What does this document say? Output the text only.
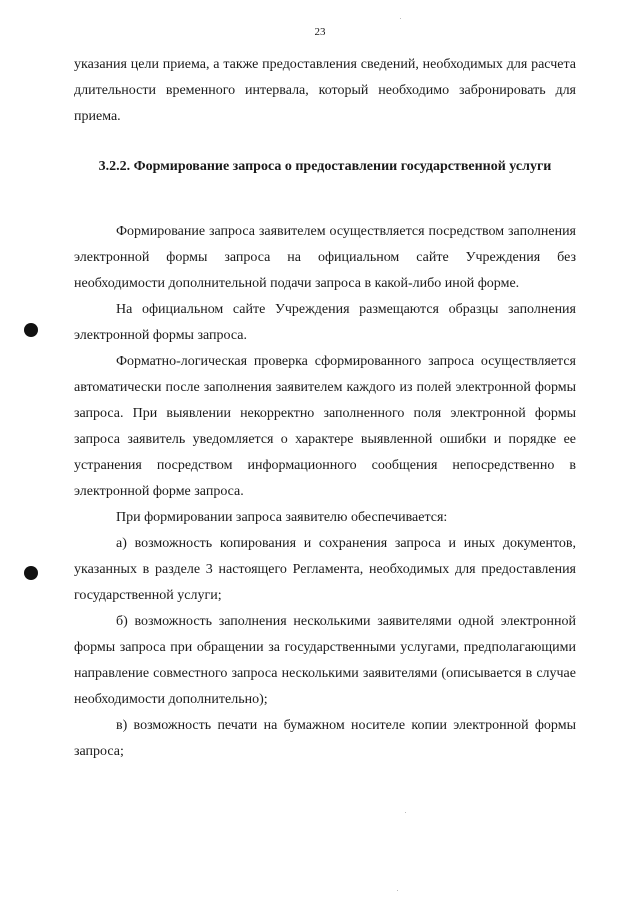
23

указания цели приема, а также предоставления сведений, необходимых для расчета длительности временного интервала, который необходимо забронировать для приема.

3.2.2. Формирование запроса о предоставлении государственной услуги

Формирование запроса заявителем осуществляется посредством заполнения электронной формы запроса на официальном сайте Учреждения без необходимости дополнительной подачи запроса в какой-либо иной форме.

На официальном сайте Учреждения размещаются образцы заполнения электронной формы запроса.

Форматно-логическая проверка сформированного запроса осуществляется автоматически после заполнения заявителем каждого из полей электронной формы запроса. При выявлении некорректно заполненного поля электронной формы запроса заявитель уведомляется о характере выявленной ошибки и порядке ее устранения посредством информационного сообщения непосредственно в электронной форме запроса.

При формировании запроса заявителю обеспечивается:

а) возможность копирования и сохранения запроса и иных документов, указанных в разделе 3 настоящего Регламента, необходимых для предоставления государственной услуги;

б) возможность заполнения несколькими заявителями одной электронной формы запроса при обращении за государственными услугами, предполагающими направление совместного запроса несколькими заявителями (описывается в случае необходимости дополнительно);

в) возможность печати на бумажном носителе копии электронной формы запроса;
